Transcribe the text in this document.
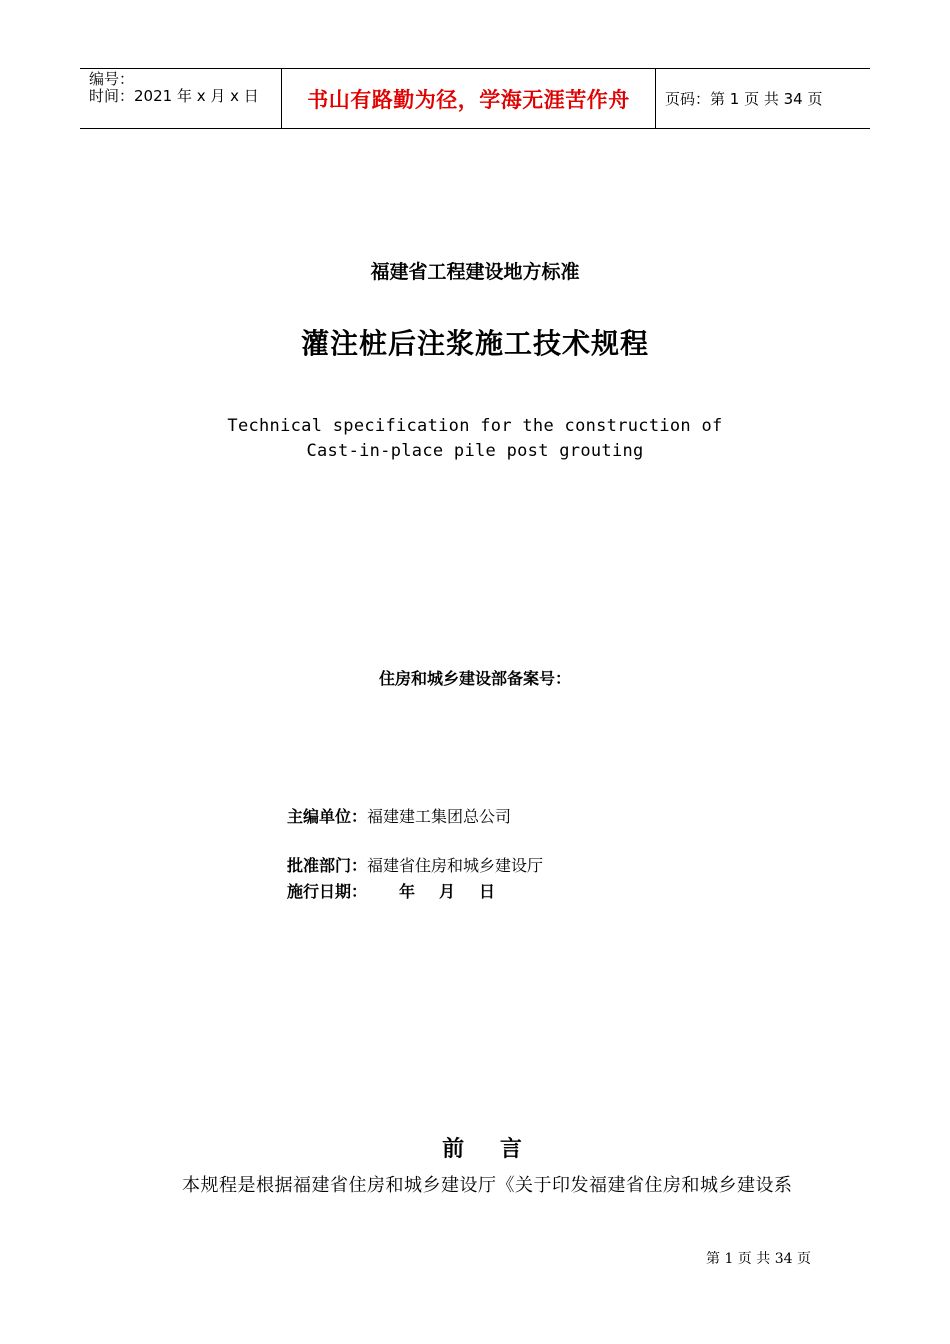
编号：
时间：2021 年 x 月 x 日	书山有路勤为径，学海无涯苦作舟 页码：第 1 页 共 34 页
福建省工程建设地方标准
灌注桩后注浆施工技术规程
Technical specification for the construction of
Cast-in-place pile post grouting
住房和城乡建设部备案号：
主编单位：福建建工集团总公司
批准部门：福建省住房和城乡建设厅
施行日期： 年 月 日
前 言
本规程是根据福建省住房和城乡建设厅《关于印发福建省住房和城乡建设系
第 1 页 共 34 页
